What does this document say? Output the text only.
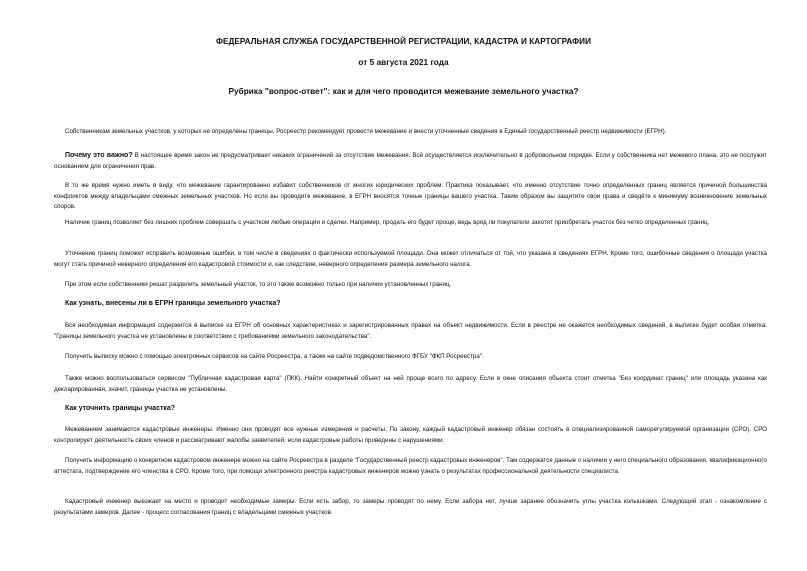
ФЕДЕРАЛЬНАЯ СЛУЖБА ГОСУДАРСТВЕННОЙ РЕГИСТРАЦИИ, КАДАСТРА И КАРТОГРАФИИ
от 5 августа 2021 года
Рубрика "вопрос-ответ": как и для чего проводится межевание земельного участка?

Собственникам земельных участков, у которых не определены границы, Росреестр рекомендует провести межевание и внести уточненные сведения в Единый государственный реестр недвижимости (ЕГРН).

Почему это важно? В настоящее время закон не предусматривает никаких ограничений за отсутствие межевания. Всё осуществляется исключительно в добровольном порядке. Если у собственника нет межевого плана, это не послужит основанием для ограничения прав.

В то же время нужно иметь в виду, что межевание гарантированно избавит собственников от многих юридических проблем. Практика показывает, что именно отсутствие точно определенных границ является причиной большинства конфликтов между владельцами смежных земельных участков. Но если вы проводите межевание, в ЕГРН вносятся точные границы вашего участка. Таким образом вы защитите свои права и сведёте к минимуму возникновение земельных споров.

Наличие границ позволяет без лишних проблем совершать с участком любые операции и сделки. Например, продать его будет проще, ведь вряд ли покупатели захотят приобретать участок без четко определенных границ.

Уточнение границ поможет исправить возможные ошибки, в том числе в сведениях о фактически используемой площади. Она может отличаться от той, что указана в сведениях ЕГРН. Кроме того, ошибочные сведения о площади участка могут стать причиной неверного определения его кадастровой стоимости и, как следствие, неверного определения размера земельного налога.

При этом если собственники решат разделить земельный участок, то это также возможно только при наличии установленных границ.

Как узнать, внесены ли в ЕГРН границы земельного участка?

Вся необходимая информация содержится в выписке из ЕГРН об основных характеристиках и зарегистрированных правах на объект недвижимости. Если в реестре не окажется необходимых сведений, в выписке будет особая отметка: "Границы земельного участка не установлены в соответствии с требованиями земельного законодательства".

Получить выписку можно с помощью электронных сервисов на сайте Росреестра, а также на сайте подведомственного ФГБУ "ФКП Росреестра".

Также можно воспользоваться сервисом "Публичная кадастровая карта" (ПКК). Найти конкретный объект на ней проще всего по адресу. Если в окне описания объекта стоит отметка "Без координат границ" или площадь указана как декларированная, значит, границы участка не установлены.

Как уточнить границы участка?

Межеванием занимаются кадастровые инженеры. Именно они проводят все нужные измерения и расчеты. По закону, каждый кадастровый инженер обязан состоять в специализированной саморегулируемой организации (СРО). СРО контролирует деятельность своих членов и рассматривают жалобы заявителей, если кадастровые работы проведены с нарушениями.

Получить информацию о конкретном кадастровом инженере можно на сайте Росреестра в разделе "Государственный реестр кадастровых инженеров". Там содержатся данные о наличии у него специального образования, квалификационного аттестата, подтверждение его членства в СРО. Кроме того, при помощи электронного реестра кадастровых инженеров можно узнать о результатах профессиональной деятельности специалиста.

Кадастровый инженер выезжает на место и проводит необходимые замеры. Если есть забор, то замеры проводят по нему. Если забора нет, лучше заранее обозначить углы участка колышками. Следующий этап - ознакомление с результатами замеров. Далее - процесс согласования границ с владельцами смежных участков.
